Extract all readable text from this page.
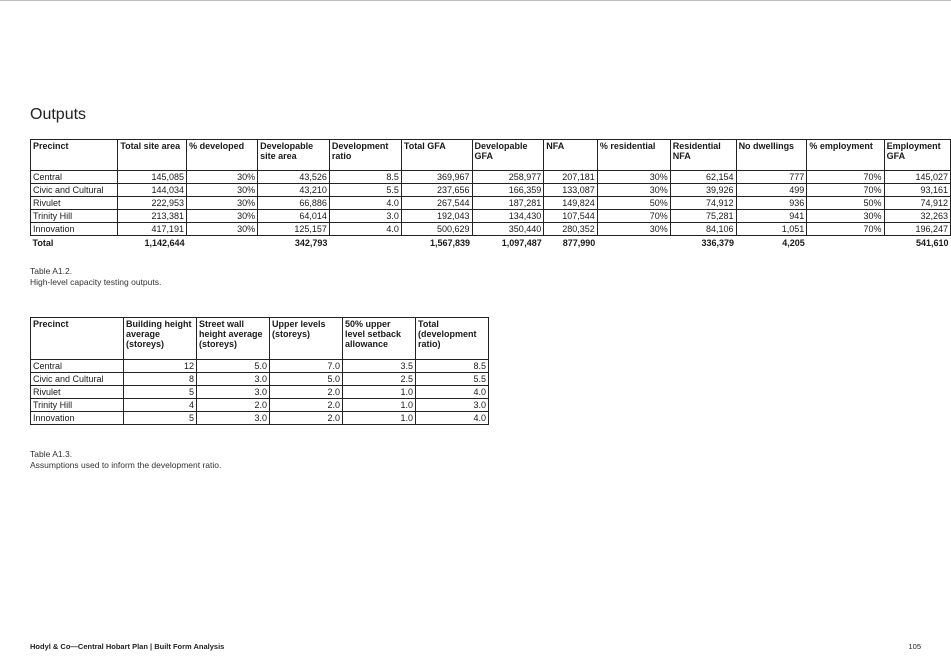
Outputs
Precinct	Total site area	% developed	Developable site area	Development ratio	Total GFA	Developable GFA	NFA	% residential	Residential NFA	No dwellings	% employment	Employment GFA
Central	145,085	30%	43,526	8.5	369,967	258,977	207,181	30%	62,154	777	70%	145,027
Civic and Cultural	144,034	30%	43,210	5.5	237,656	166,359	133,087	30%	39,926	499	70%	93,161
Rivulet	222,953	30%	66,886	4.0	267,544	187,281	149,824	50%	74,912	936	50%	74,912
Trinity Hill	213,381	30%	64,014	3.0	192,043	134,430	107,544	70%	75,281	941	30%	32,263
Innovation	417,191	30%	125,157	4.0	500,629	350,440	280,352	30%	84,106	1,051	70%	196,247
Total	1,142,644		342,793		1,567,839	1,097,487	877,990		336,379	4,205		541,610
Table A1.2.
High-level capacity testing outputs.
Precinct	Building height average (storeys)	Street wall height average (storeys)	Upper levels (storeys)	50% upper level setback allowance	Total (development ratio)
Central	12	5.0	7.0	3.5	8.5
Civic and Cultural	8	3.0	5.0	2.5	5.5
Rivulet	5	3.0	2.0	1.0	4.0
Trinity Hill	4	2.0	2.0	1.0	3.0
Innovation	5	3.0	2.0	1.0	4.0
Table A1.3.
Assumptions used to inform the development ratio.
Hodyl & Co—Central Hobart Plan | Built Form Analysis	105
